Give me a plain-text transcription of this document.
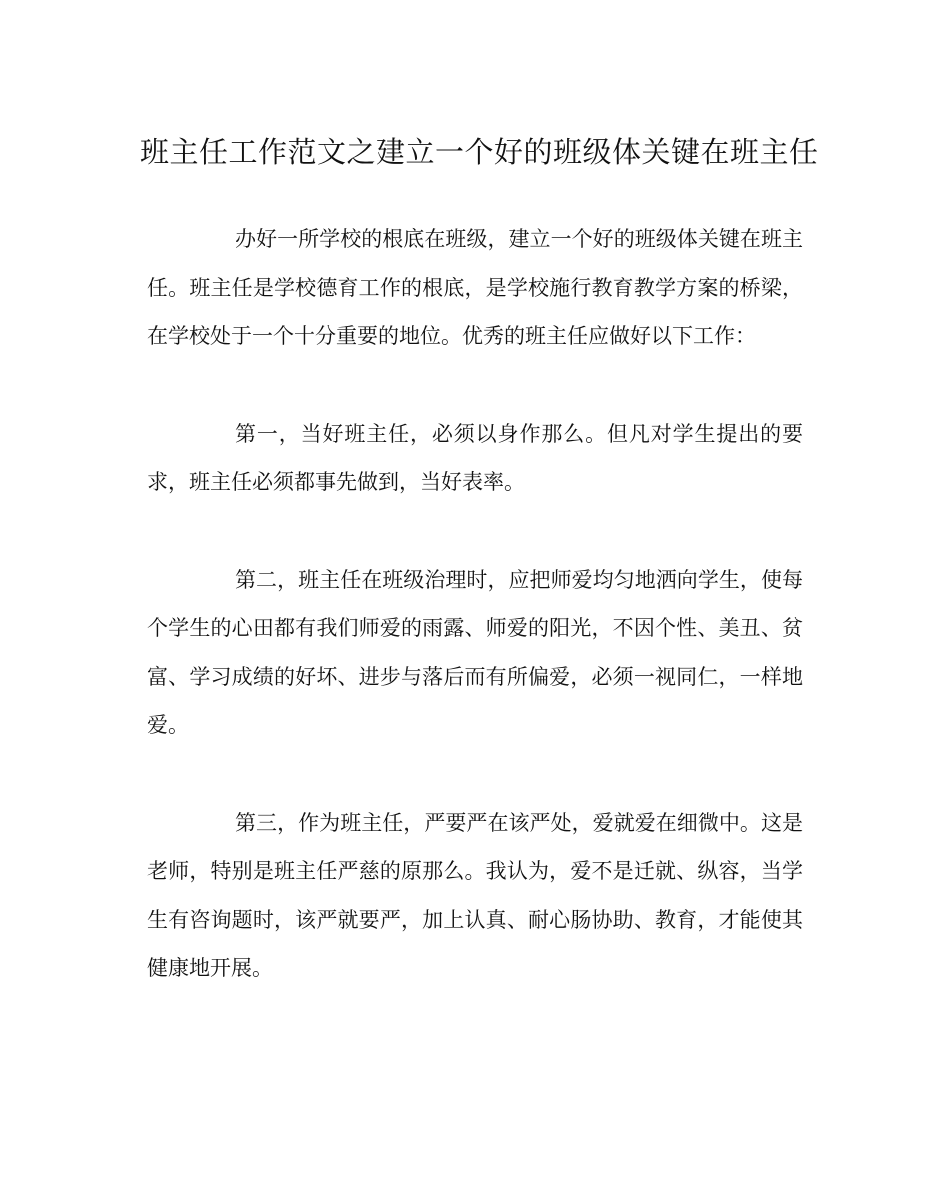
班主任工作范文之建立一个好的班级体关键在班主任

办好一所学校的根底在班级，建立一个好的班级体关键在班主任。班主任是学校德育工作的根底，是学校施行教育教学方案的桥梁，在学校处于一个十分重要的地位。优秀的班主任应做好以下工作：

第一，当好班主任，必须以身作那么。但凡对学生提出的要求，班主任必须都事先做到，当好表率。

第二，班主任在班级治理时，应把师爱均匀地洒向学生，使每个学生的心田都有我们师爱的雨露、师爱的阳光，不因个性、美丑、贫富、学习成绩的好坏、进步与落后而有所偏爱，必须一视同仁，一样地爱。

第三，作为班主任，严要严在该严处，爱就爱在细微中。这是老师，特别是班主任严慈的原那么。我认为，爱不是迁就、纵容，当学生有咨询题时，该严就要严，加上认真、耐心肠协助、教育，才能使其健康地开展。
